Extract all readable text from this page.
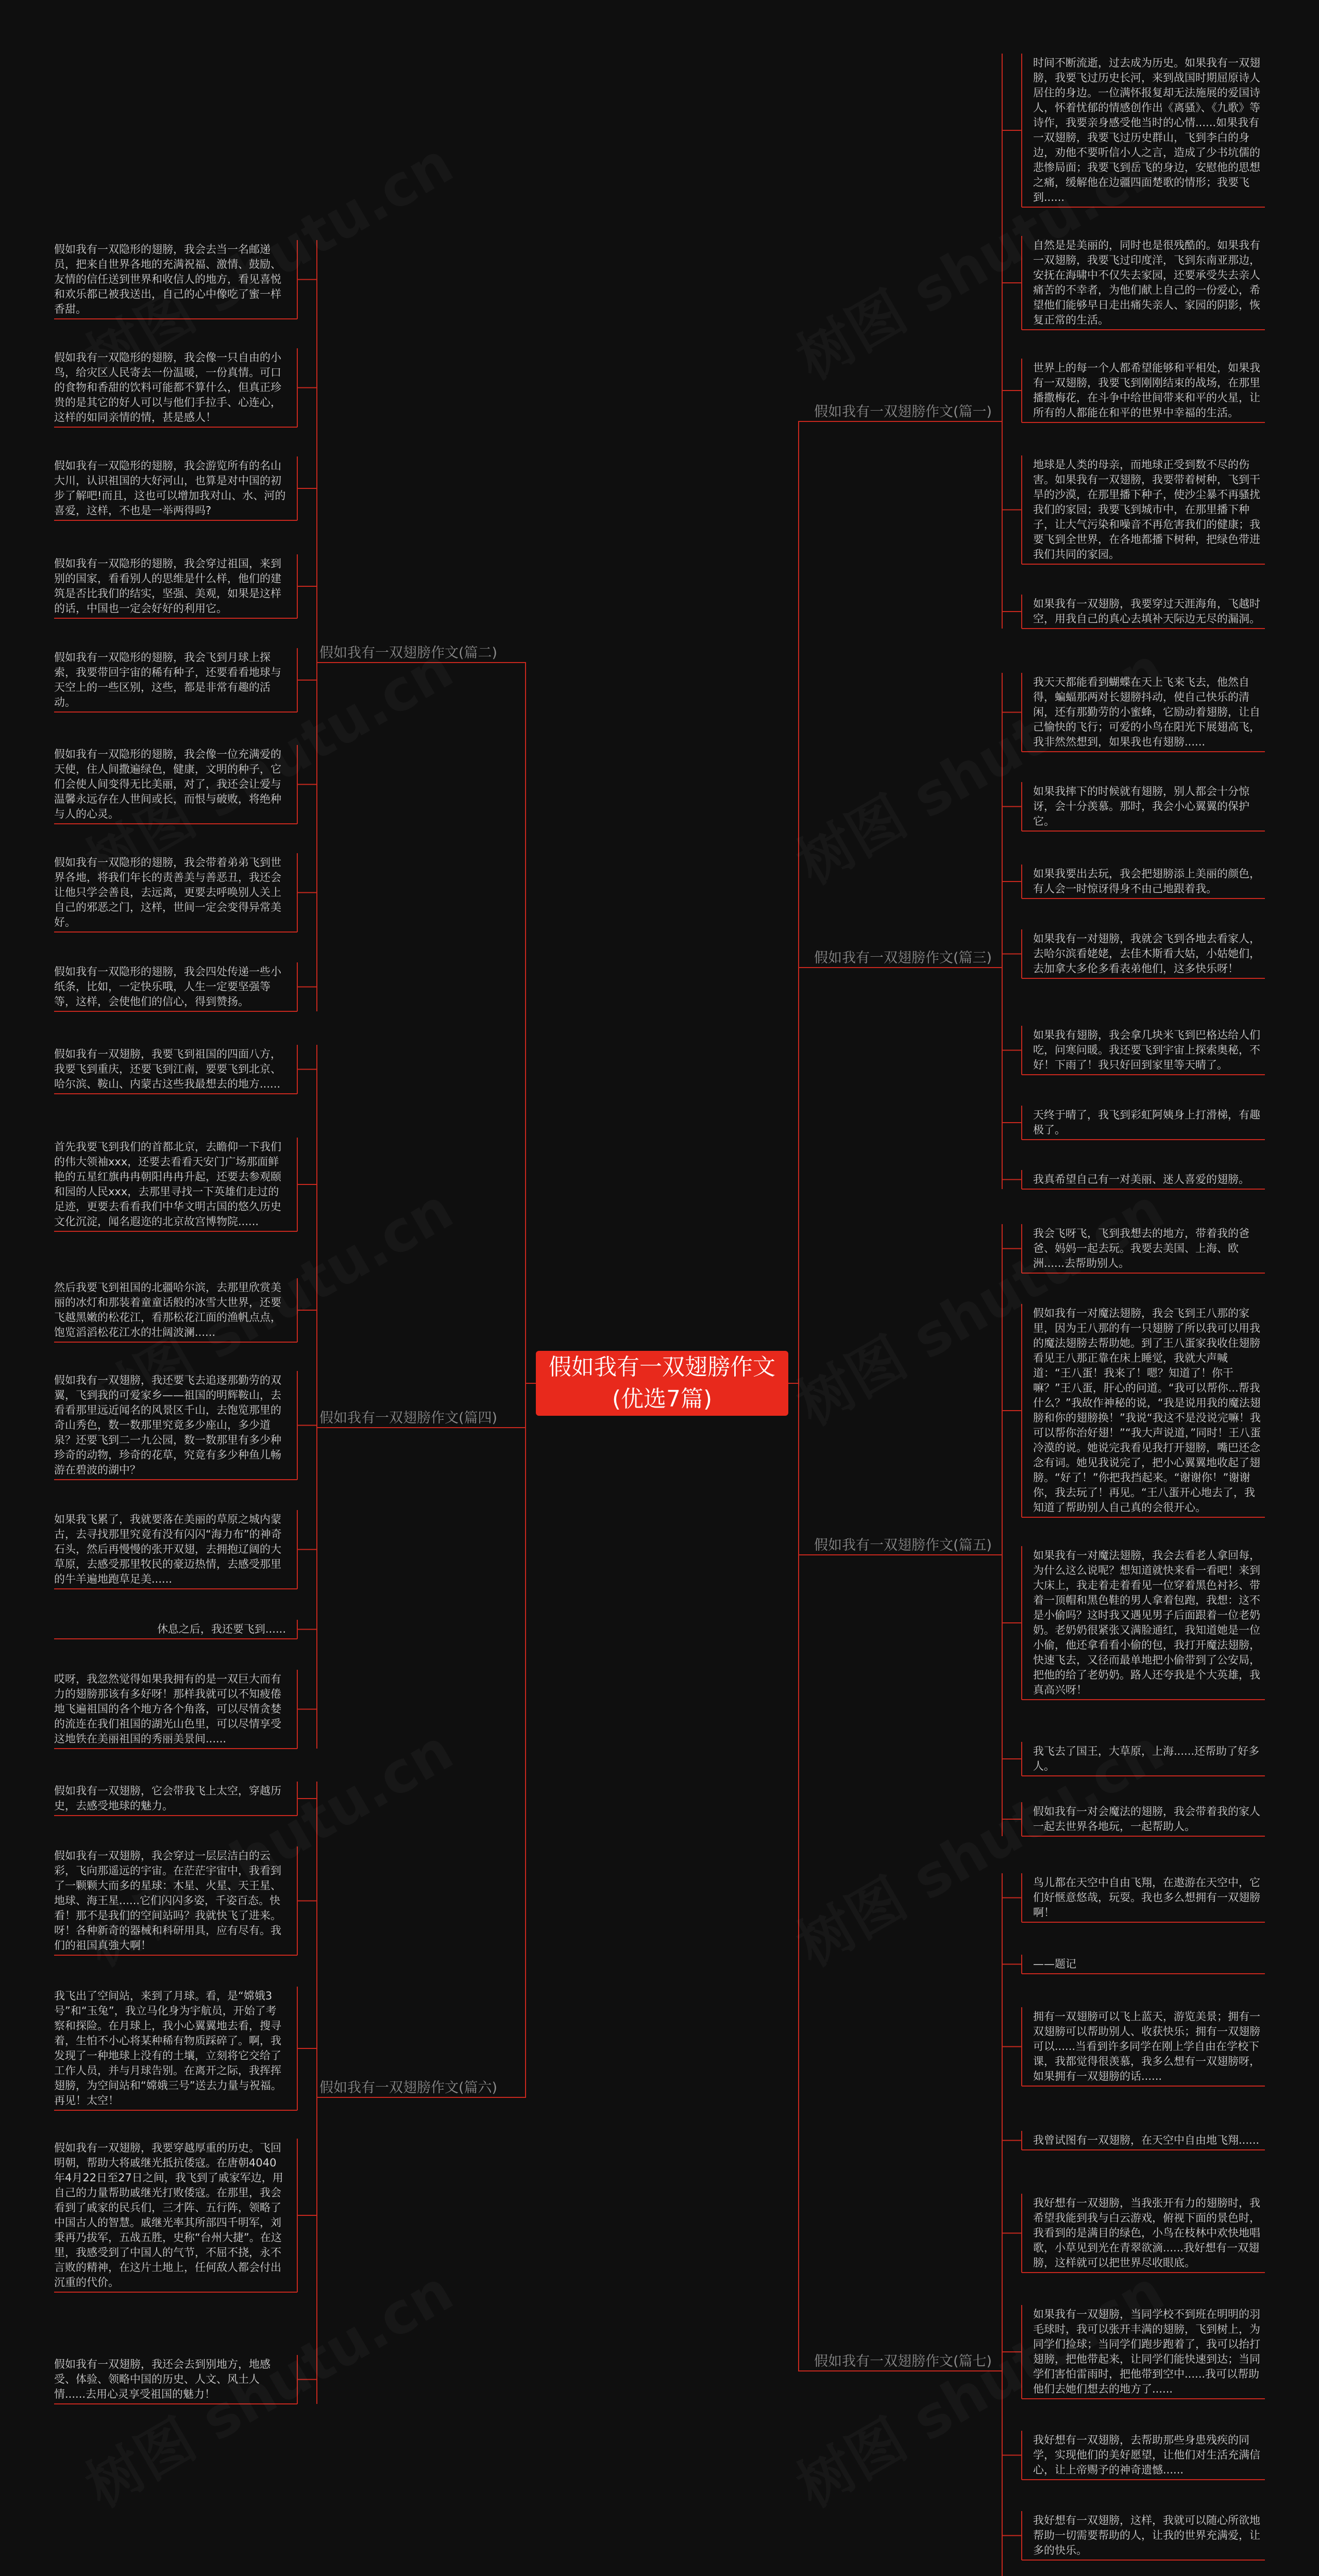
假如我有一双翅膀作文(优选7篇)
假如我有一双翅膀作文(篇一)
假如我有一双翅膀作文(篇三)
假如我有一双翅膀作文(篇五)
假如我有一双翅膀作文(篇七)
假如我有一双翅膀作文(篇二)
假如我有一双翅膀作文(篇四)
假如我有一双翅膀作文(篇六)
时间不断流逝，过去成为历史。如果我有一双翅膀，我要飞过历史长河，来到战国时期屈原诗人居住的身边。一位满怀报复却无法施展的爱国诗人，怀着忧郁的情感创作出《离骚》、《九歌》等诗作，我要亲身感受他当时的心情......如果我有一双翅膀，我要飞过历史群山，飞到李白的身边，劝他不要听信小人之言，造成了少书坑儒的悲惨局面；我要飞到岳飞的身边，安慰他的思想之痛，缓解他在边疆四面楚歌的情形；我要飞到......
自然是是美丽的，同时也是很残酷的。如果我有一双翅膀，我要飞过印度洋，飞到东南亚那边，安抚在海啸中不仅失去家园，还要承受失去亲人痛苦的不幸者，为他们献上自己的一份爱心，希望他们能够早日走出痛失亲人、家园的阴影，恢复正常的生活。
世界上的每一个人都希望能够和平相处，如果我有一双翅膀，我要飞到刚刚结束的战场，在那里播撒梅花，在斗争中给世间带来和平的火星，让所有的人都能在和平的世界中幸福的生活。
地球是人类的母亲，而地球正受到数不尽的伤害。如果我有一双翅膀，我要带着树种，飞到干旱的沙漠，在那里播下种子，使沙尘暴不再骚扰我们的家园；我要飞到城市中，在那里播下种子，让大气污染和噪音不再危害我们的健康；我要飞到全世界，在各地都播下树种，把绿色带进我们共同的家园。
如果我有一双翅膀，我要穿过天涯海角，飞越时空，用我自己的真心去填补天际边无尽的漏洞。
我天天都能看到蝴蝶在天上飞来飞去，他然自得，蝙蝠那两对长翅膀抖动，使自己快乐的清闲，还有那勤劳的小蜜蜂，它励动着翅膀，让自己愉快的飞行；可爱的小鸟在阳光下展翅高飞，我非然然想到，如果我也有翅膀......
如果我摔下的时候就有翅膀，别人都会十分惊讶，会十分羡慕。那时，我会小心翼翼的保护它。
如果我要出去玩，我会把翅膀添上美丽的颜色，有人会一时惊讶得身不由己地跟着我。
如果我有一对翅膀，我就会飞到各地去看家人，去哈尔滨看姥姥，去佳木斯看大姑，小姑她们，去加拿大多伦多看表弟他们，这多快乐呀！
如果我有翅膀，我会拿几块米飞到巴格达给人们吃，问寒问暖。我还要飞到宇宙上探索奥秘，不好！下雨了！我只好回到家里等天晴了。
天终于晴了，我飞到彩虹阿姨身上打滑梯，有趣极了。
我真希望自己有一对美丽、迷人喜爱的翅膀。
我会飞呀飞，飞到我想去的地方，带着我的爸爸、妈妈一起去玩。我要去美国、上海、欧洲......去帮助别人。
假如我有一对魔法翅膀，我会飞到王八那的家里，因为王八那的有一只翅膀了所以我可以用我的魔法翅膀去帮助她。到了王八蛋家我收住翅膀看见王八那正靠在床上睡觉，我就大声喊道：“王八蛋！我来了！嗯？知道了！你干嘛？”王八蛋，肝心的问道。“我可以帮你...帮我什么？”我故作神秘的说，“我是说用我的魔法翅膀和你的翅膀换！”我说“我这不是没说完嘛！我可以帮你治好翅！”“我大声说道，”同时！王八蛋冷漠的说。她说完我看见我打开翅膀，嘴巴还念念有词。她见我说完了，把小心翼翼地收起了翅膀。“好了！”你把我挡起来。“谢谢你！”谢谢你，我去玩了！再见。“王八蛋开心地去了，我知道了帮助别人自己真的会很开心。
如果我有一对魔法翅膀，我会去看老人拿回每，为什么这么说呢？想知道就快来看一看吧！来到大床上，我走着走着看见一位穿着黑色衬衫、带着一顶帽和黑色鞋的男人拿着包跑，我想：这不是小偷吗？这时我又遇见男子后面跟着一位老奶奶。老奶奶很紧张又满脸通红，我知道她是一位小偷，他还拿看看小偷的包，我打开魔法翅膀，快速飞去，又径而最单地把小偷带到了公安局，把他的给了老奶奶。路人还夸我是个大英雄，我真高兴呀！
我飞去了国王，大草原，上海......还帮助了好多人。
假如我有一对会魔法的翅膀，我会带着我的家人一起去世界各地玩，一起帮助人。
鸟儿都在天空中自由飞翔，在遨游在天空中，它们好惬意悠哉，玩耍。我也多么想拥有一双翅膀啊！
——题记
拥有一双翅膀可以飞上蓝天，游览美景；拥有一双翅膀可以帮助别人、收获快乐；拥有一双翅膀可以......当看到许多同学在刚上学自由在学校下课，我都觉得很羡慕，我多么想有一双翅膀呀，如果拥有一双翅膀的话......
我曾试图有一双翅膀，在天空中自由地飞翔......
我好想有一双翅膀，当我张开有力的翅膀时，我希望我能到我与白云游戏，俯视下面的景色时，我看到的是满目的绿色，小鸟在枝林中欢快地唱歌，小草见到光在青翠欲滴......我好想有一双翅膀，这样就可以把世界尽收眼底。
如果我有一双翅膀，当同学校不到班在明明的羽毛球时，我可以张开丰满的翅膀，飞到树上，为同学们捡球；当同学们跑步跑着了，我可以抬打翅膀，把他带起来，让同学们能快速到达；当同学们害怕雷雨时，把他带到空中......我可以帮助他们去她们想去的地方了......
我好想有一双翅膀，去帮助那些身患残疾的同学，实现他们的美好愿望，让他们对生活充满信心，让上帝赐予的神奇遗憾......
我好想有一双翅膀，这样，我就可以随心所欲地帮助一切需要帮助的人，让我的世界充满爱，让多的快乐。
假如我有一双隐形的翅膀，我会去当一名邮递员，把来自世界各地的充满祝福、激情、鼓励、友情的信任送到世界和收信人的地方，看见喜悦和欢乐都已被我送出，自己的心中像吃了蜜一样香甜。
假如我有一双隐形的翅膀，我会像一只自由的小鸟，给灾区人民寄去一份温暖，一份真情。可口的食物和香甜的饮料可能都不算什么，但真正珍贵的是其它的好人可以与他们手拉手、心连心，这样的如同亲情的情，甚是感人！
假如我有一双隐形的翅膀，我会游览所有的名山大川，认识祖国的大好河山，也算是对中国的初步了解吧!而且，这也可以增加我对山、水、河的喜爱，这样，不也是一举两得吗?
假如我有一双隐形的翅膀，我会穿过祖国，来到别的国家，看看别人的思维是什么样，他们的建筑是否比我们的结实，坚强、美观，如果是这样的话，中国也一定会好好的利用它。
假如我有一双隐形的翅膀，我会飞到月球上探索，我要带回宇宙的稀有种子，还要看看地球与天空上的一些区别，这些，都是非常有趣的活动。
假如我有一双隐形的翅膀，我会像一位充满爱的天使，住人间撒遍绿色，健康，文明的种子，它们会使人间变得无比美丽，对了，我还会让爱与温馨永远存在人世间或长，而恨与破败，将绝种与人的心灵。
假如我有一双隐形的翅膀，我会带着弟弟飞到世界各地，将我们年长的责善美与善恶丑，我还会让他只学会善良，去远离，更要去呼唤别人关上自己的邪恶之门，这样，世间一定会变得异常美好。
假如我有一双隐形的翅膀，我会四处传递一些小纸条，比如，一定快乐哦，人生一定要坚强等等，这样，会使他们的信心，得到赞扬。
假如我有一双翅膀，我要飞到祖国的四面八方，我要飞到重庆，还要飞到江南，要要飞到北京、哈尔滨、鞍山、内蒙古这些我最想去的地方......
首先我要飞到我们的首都北京，去瞻仰一下我们的伟大领袖xxx，还要去看看天安门广场那面鲜艳的五星红旗冉冉朝阳冉冉升起，还要去参观颐和园的人民xxx，去那里寻找一下英雄们走过的足迹，更要去看看我们中华文明古国的悠久历史文化沉淀，闻名遐迩的北京故宫博物院......
然后我要飞到祖国的北疆哈尔滨，去那里欣赏美丽的冰灯和那装着童童话般的冰雪大世界，还要飞越黑嫩的松花江，看那松花江面的渔帆点点，饱览滔滔松花江水的壮阔波澜......
假如我有一双翅膀，我还要飞去追逐那勤劳的双翼，飞到我的可爱家乡——祖国的明辉鞍山，去看看那里远近闻名的风景区千山，去饱览那里的奇山秀色，数一数那里究竟多少座山，多少道泉？还要飞到二一九公园，数一数那里有多少种珍奇的动物，珍奇的花草，究竟有多少种鱼儿畅游在碧波的湖中？
如果我飞累了，我就要落在美丽的草原之城内蒙古，去寻找那里究竟有没有闪闪“海力布”的神奇石头，然后再慢慢的张开双翅，去拥抱辽阔的大草原，去感受那里牧民的豪迈热情，去感受那里的牛羊遍地跑草足美......
休息之后，我还要飞到......
哎呀，我忽然觉得如果我拥有的是一双巨大而有力的翅膀那该有多好呀！那样我就可以不知疲倦地飞遍祖国的各个地方各个角落，可以尽情贪婪的流连在我们祖国的湖光山色里，可以尽情享受这地铁在美丽祖国的秀丽美景间......
假如我有一双翅膀，它会带我飞上太空，穿越历史，去感受地球的魅力。
假如我有一双翅膀，我会穿过一层层洁白的云彩，飞向那遥远的宇宙。在茫茫宇宙中，我看到了一颗颗大而多的星球：木星、火星、天王星、地球、海王星......它们闪闪多姿，千姿百态。快看！那不是我们的空间站吗？我就快飞了进来。呀！各种新奇的器械和科研用具，应有尽有。我们的祖国真強大啊！
我飞出了空间站，来到了月球。看，是“嫦娥3号”和“玉兔”，我立马化身为宇航员，开始了考察和探险。在月球上，我小心翼翼地去看，搜寻着，生怕不小心将某种稀有物质踩碎了。啊，我发现了一种地球上没有的土壤，立刻将它交给了工作人员，并与月球告别。在离开之际，我挥挥翅膀，为空间站和“嫦娥三号”送去力量与祝福。再见！太空！
假如我有一双翅膀，我要穿越厚重的历史。飞回明朝，帮助大将戚继光抵抗倭寇。在唐朝4040年4月22日至27日之间，我飞到了戚家军边，用自己的力量帮助戚继光打败倭寇。在那里，我会看到了戚家的民兵们，三才阵、五行阵，领略了中国古人的智慧。戚继光率其所部四千明军，刘秉再乃拔军，五战五胜，史称“台州大捷”。在这里，我感受到了中国人的气节，不屈不挠，永不言败的精神，在这片土地上，任何敌人都会付出沉重的代价。
假如我有一双翅膀，我还会去到别地方，地感受、体验、领略中国的历史、人文、风土人情......去用心灵享受祖国的魅力！
